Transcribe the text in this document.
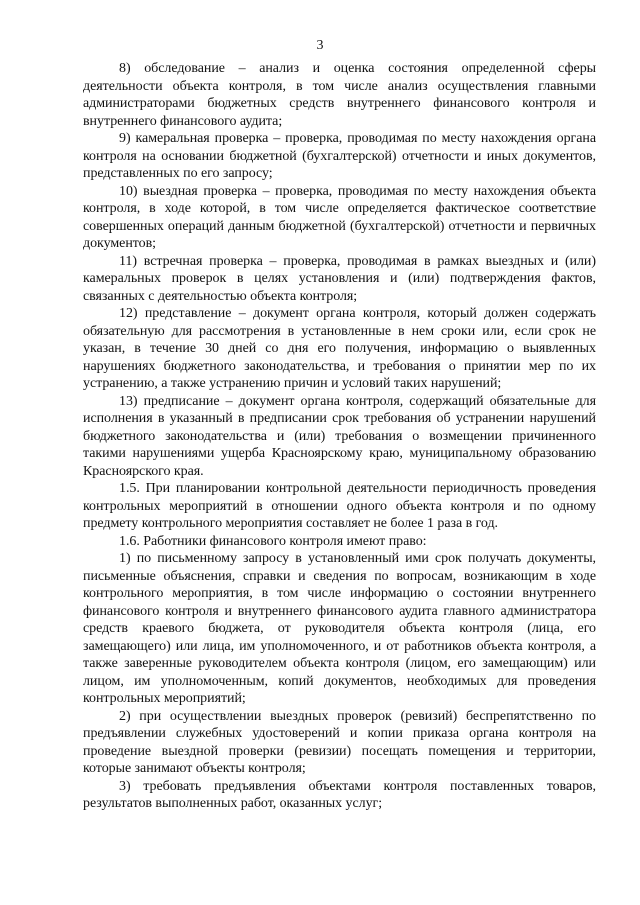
3

8) обследование – анализ и оценка состояния определенной сферы деятельности объекта контроля, в том числе анализ осуществления главными администраторами бюджетных средств внутреннего финансового контроля и внутреннего финансового аудита;

9) камеральная проверка – проверка, проводимая по месту нахождения органа контроля на основании бюджетной (бухгалтерской) отчетности и иных документов, представленных по его запросу;

10) выездная проверка – проверка, проводимая по месту нахождения объекта контроля, в ходе которой, в том числе определяется фактическое соответствие совершенных операций данным бюджетной (бухгалтерской) отчетности и первичных документов;

11) встречная проверка – проверка, проводимая в рамках выездных и (или) камеральных проверок в целях установления и (или) подтверждения фактов, связанных с деятельностью объекта контроля;

12) представление – документ органа контроля, который должен содержать обязательную для рассмотрения в установленные в нем сроки или, если срок не указан, в течение 30 дней со дня его получения, информацию о выявленных нарушениях бюджетного законодательства, и требования о принятии мер по их устранению, а также устранению причин и условий таких нарушений;

13) предписание – документ органа контроля, содержащий обязательные для исполнения в указанный в предписании срок требования об устранении нарушений бюджетного законодательства и (или) требования о возмещении причиненного такими нарушениями ущерба Красноярскому краю, муниципальному образованию Красноярского края.

1.5. При планировании контрольной деятельности периодичность проведения контрольных мероприятий в отношении одного объекта контроля и по одному предмету контрольного мероприятия составляет не более 1 раза в год.

1.6. Работники финансового контроля имеют право:

1) по письменному запросу в установленный ими срок получать документы, письменные объяснения, справки и сведения по вопросам, возникающим в ходе контрольного мероприятия, в том числе информацию о состоянии внутреннего финансового контроля и внутреннего финансового аудита главного администратора средств краевого бюджета, от руководителя объекта контроля (лица, его замещающего) или лица, им уполномоченного, и от работников объекта контроля, а также заверенные руководителем объекта контроля (лицом, его замещающим) или лицом, им уполномоченным, копий документов, необходимых для проведения контрольных мероприятий;

2) при осуществлении выездных проверок (ревизий) беспрепятственно по предъявлении служебных удостоверений и копии приказа органа контроля на проведение выездной проверки (ревизии) посещать помещения и территории, которые занимают объекты контроля;

3) требовать предъявления объектами контроля поставленных товаров, результатов выполненных работ, оказанных услуг;
